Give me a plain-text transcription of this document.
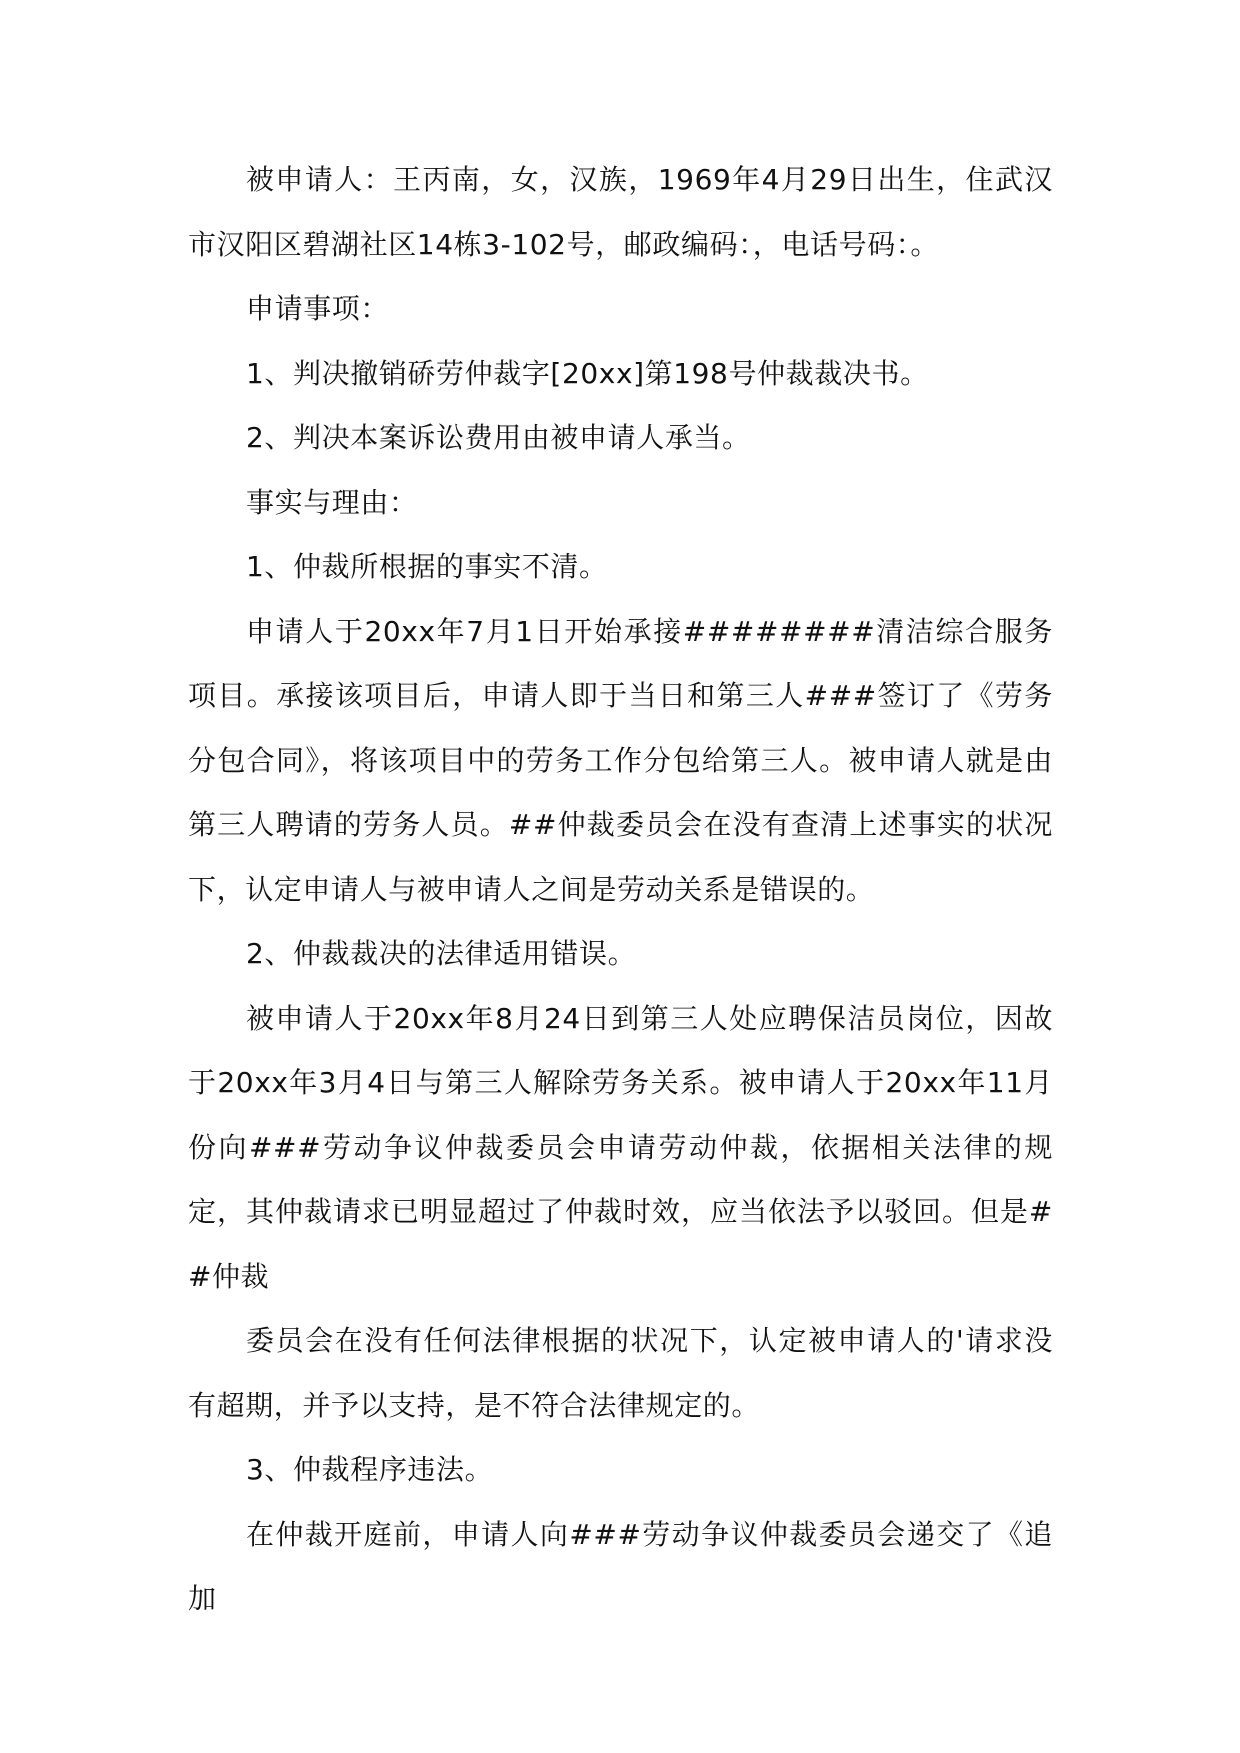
被申请人：王丙南，女，汉族，1969年4月29日出生，住武汉市汉阳区碧湖社区14栋3-102号，邮政编码：，电话号码：。

申请事项：

1、判决撤销硚劳仲裁字[20xx]第198号仲裁裁决书。

2、判决本案诉讼费用由被申请人承当。

事实与理由：

1、仲裁所根据的事实不清。

申请人于20xx年7月1日开始承接########清洁综合服务项目。承接该项目后，申请人即于当日和第三人###签订了《劳务分包合同》，将该项目中的劳务工作分包给第三人。被申请人就是由第三人聘请的劳务人员。##仲裁委员会在没有查清上述事实的状况下，认定申请人与被申请人之间是劳动关系是错误的。

2、仲裁裁决的法律适用错误。

被申请人于20xx年8月24日到第三人处应聘保洁员岗位，因故于20xx年3月4日与第三人解除劳务关系。被申请人于20xx年11月份向###劳动争议仲裁委员会申请劳动仲裁，依据相关法律的规定，其仲裁请求已明显超过了仲裁时效，应当依法予以驳回。但是##仲裁

委员会在没有任何法律根据的状况下，认定被申请人的'请求没有超期，并予以支持，是不符合法律规定的。

3、仲裁程序违法。

在仲裁开庭前，申请人向###劳动争议仲裁委员会递交了《追加
